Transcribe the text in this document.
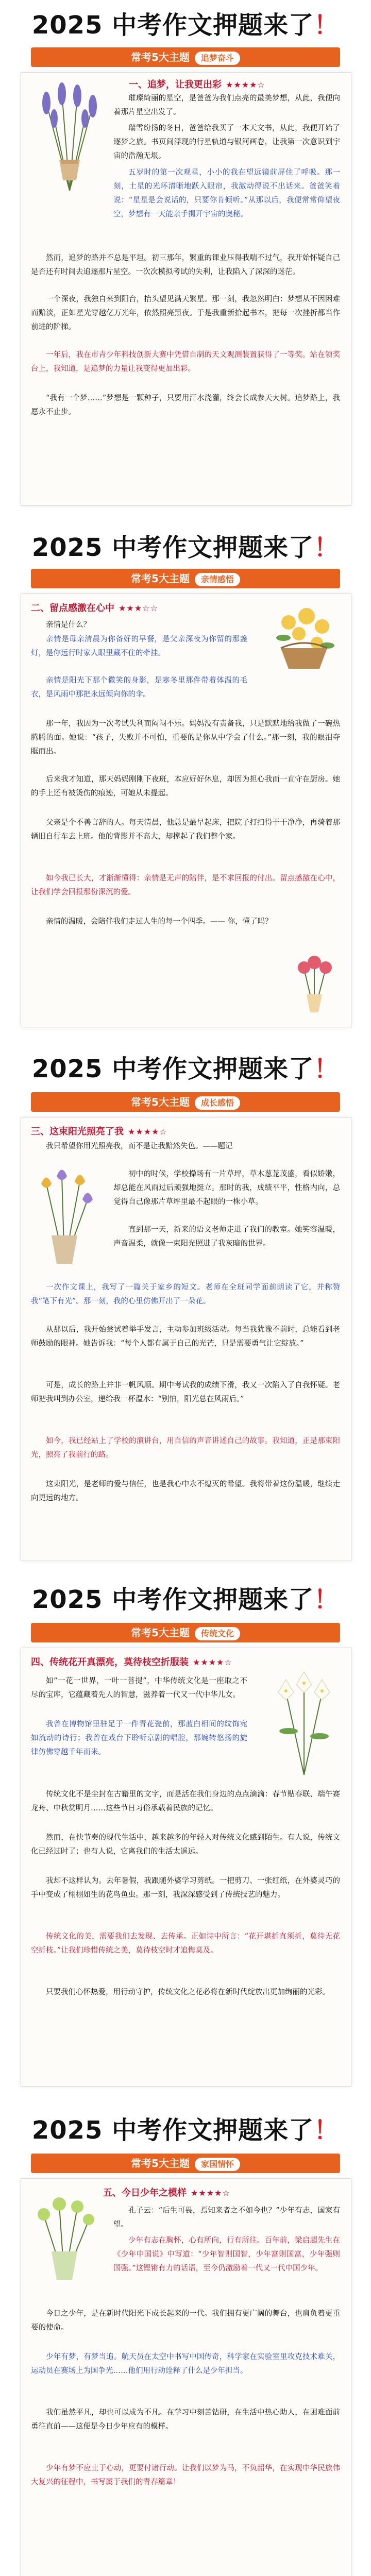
2025 中考作文押题来了！
常考5大主题 追梦奋斗
一、追梦，让我更出彩 ★★★★☆

璀璨绮丽的星空，是爸爸为我们点亮的最美梦想，从此，我便向着那片星空出发了。

瑞雪纷扬的冬日，爸爸给我买了一本天文书，从此，我便开始了逐梦之旅。书页间浮现的行星轨道与银河画卷，让我第一次意识到宇宙的浩瀚无垠。

五岁时的第一次观星，小小的我在望远镜前屏住了呼吸。那一刻，土星的光环清晰地跃入眼帘，我激动得说不出话来。爸爸笑着说：“星星是会说话的，只要你肯倾听。”从那以后，我便常常仰望夜空，梦想有一天能亲手揭开宇宙的奥秘。

然而，追梦的路并不总是平坦。初三那年，繁重的课业压得我喘不过气，我开始怀疑自己是否还有时间去追逐那片星空。一次次模拟考试的失利，让我陷入了深深的迷茫。

一个深夜，我独自来到阳台，抬头望见满天繁星。那一刻，我忽然明白：梦想从不因困难而黯淡，正如星光穿越亿万光年，依然照亮黑夜。于是我重新拾起书本，把每一次挫折都当作前进的阶梯。

一年后，我在市青少年科技创新大赛中凭借自制的天文观测装置获得了一等奖。站在领奖台上，我知道，是追梦的力量让我变得更加出彩。

“我有一个梦……”梦想是一颗种子，只要用汗水浇灌，终会长成参天大树。追梦路上，我愿永不止步。

2025 中考作文押题来了！
常考5大主题 亲情感悟
二、留点感激在心中 ★★★☆☆

亲情是什么？

亲情是母亲清晨为你备好的早餐，是父亲深夜为你留的那盏灯，是你远行时家人眼里藏不住的牵挂。

亲情是阳光下那个微笑的身影，是寒冬里那件带着体温的毛衣，是风雨中那把永远倾向你的伞。

那一年，我因为一次考试失利而闷闷不乐。妈妈没有责备我，只是默默地给我做了一碗热腾腾的面。她说：“孩子，失败并不可怕，重要的是你从中学会了什么。”那一刻，我的眼泪夺眶而出。

后来我才知道，那天妈妈刚刚下夜班，本应好好休息，却因为担心我而一直守在厨房。她的手上还有被烫伤的痕迹，可她从未提起。

父亲是个不善言辞的人。每天清晨，他总是最早起床，把院子打扫得干干净净，再骑着那辆旧自行车去上班。他的背影并不高大，却撑起了我们整个家。

如今我已长大，才渐渐懂得：亲情是无声的陪伴，是不求回报的付出。留点感激在心中，让我们学会回报那份深沉的爱。

亲情的温暖，会陪伴我们走过人生的每一个四季。—— 你，懂了吗？

2025 中考作文押题来了！
常考5大主题 成长感悟
三、这束阳光照亮了我 ★★★★☆

我只希望你用光照亮我，而不是让我黯然失色。——题记

初中的时候，学校操场有一片草坪，草木葱茏茂盛，看似娇嫩，却总能在风雨过后顽强地挺立。那时的我，成绩平平，性格内向，总觉得自己像那片草坪里最不起眼的一株小草。

直到那一天，新来的语文老师走进了我们的教室。她笑容温暖，声音温柔，就像一束阳光照进了我灰暗的世界。

一次作文课上，我写了一篇关于家乡的短文。老师在全班同学面前朗读了它，并称赞我“笔下有光”。那一刻，我的心里仿佛开出了一朵花。

从那以后，我开始尝试着举手发言，主动参加班级活动。每当我犹豫不前时，总能看到老师鼓励的眼神。她告诉我：“每个人都有属于自己的光芒，只是需要勇气让它绽放。”

可是，成长的路上并非一帆风顺。期中考试我的成绩下滑，我又一次陷入了自我怀疑。老师把我叫到办公室，递给我一杯温水：“别怕，阳光总在风雨后。”

如今，我已经站上了学校的演讲台，用自信的声音讲述自己的故事。我知道，正是那束阳光，照亮了我前行的路。

这束阳光，是老师的爱与信任，也是我心中永不熄灭的希望。我将带着这份温暖，继续走向更远的地方。

2025 中考作文押题来了！
常考5大主题 传统文化
四、传统花开真漂亮，莫待枝空折服装 ★★★★☆

如“一花一世界，一叶一菩提”，中华传统文化是一座取之不尽的宝库，它蕴藏着先人的智慧，滋养着一代又一代中华儿女。

我曾在博物馆里驻足于一件青花瓷前，那蓝白相间的纹饰宛如流动的诗行；我曾在戏台下聆听京剧的唱腔，那婉转悠扬的旋律仿佛穿越千年而来。

传统文化不是尘封在古籍里的文字，而是活在我们身边的点点滴滴：春节贴春联、端午赛龙舟、中秋赏明月……这些节日习俗承载着民族的记忆。

然而，在快节奏的现代生活中，越来越多的年轻人对传统文化感到陌生。有人说，传统文化已经过时了；也有人说，它离我们的生活太遥远。

我却不这样认为。去年暑假，我跟随外婆学习剪纸。一把剪刀、一张红纸，在外婆灵巧的手中变成了栩栩如生的花鸟鱼虫。那一刻，我深深感受到了传统技艺的魅力。

传统文化的美，需要我们去发现、去传承。正如诗中所言：“花开堪折直须折，莫待无花空折枝。”让我们珍惜传统之美，莫待枝空时才追悔莫及。

只要我们心怀热爱，用行动守护，传统文化之花必将在新时代绽放出更加绚丽的光彩。

2025 中考作文押题来了！
常考5大主题 家国情怀
五、今日少年之模样 ★★★★☆

孔子云：“后生可畏，焉知来者之不如今也？”少年有志，国家有望。

少年有志在胸怀，心有所向，行有所往。百年前，梁启超先生在《少年中国说》中写道：“少年智则国智，少年富则国富，少年强则国强。”这铿锵有力的话语，至今仍激励着一代又一代中国少年。

今日之少年，是在新时代阳光下成长起来的一代。我们拥有更广阔的舞台，也肩负着更重要的使命。

少年有梦，有梦当追。航天员在太空中书写中国传奇，科学家在实验室里攻克技术难关，运动员在赛场上为国争光……他们用行动诠释了什么是少年担当。

我们虽然平凡，却也可以成为不凡。在学习中刻苦钻研，在生活中热心助人，在困难面前勇往直前——这便是今日少年应有的模样。

少年有梦不应止于心动，更要付诸行动。让我们以梦为马，不负韶华，在实现中华民族伟大复兴的征程中，书写属于我们的青春篇章！
